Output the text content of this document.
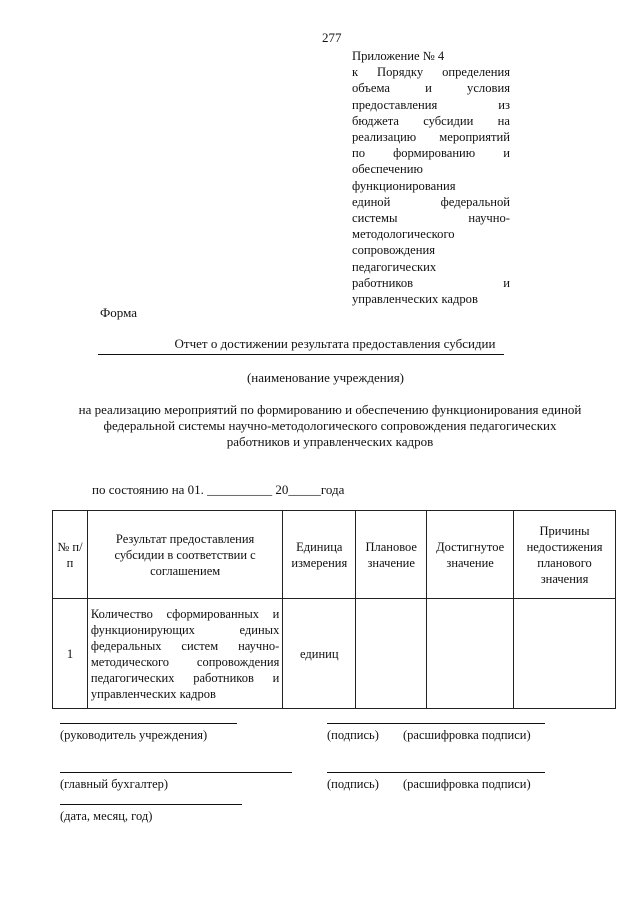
277
Приложение № 4
к Порядку определения
объема и условия
предоставления из
бюджета субсидии на
реализацию мероприятий
по формированию и
обеспечению
функционирования
единой федеральной
системы научно-
методологического
сопровождения
педагогических
работников и
управленческих кадров
Форма
Отчет о достижении результата предоставления субсидии
(наименование учреждения)
на реализацию мероприятий по формированию и обеспечению функционирования единой
федеральной системы научно-методологического сопровождения педагогических
работников и управленческих кадров
по состоянию на 01. __________ 20_____года
№ п/п	Результат предоставления субсидии в соответствии с соглашением	Единица измерения	Плановое значение	Достигнутое значение	Причины недостижения планового значения
1	Количество сформированных и функционирующих единых федеральных систем научно-методического сопровождения педагогических работников и управленческих кадров	единиц			
(руководитель учреждения)	(подпись) (расшифровка подписи)
(главный бухгалтер)	(подпись) (расшифровка подписи)
(дата, месяц, год)
